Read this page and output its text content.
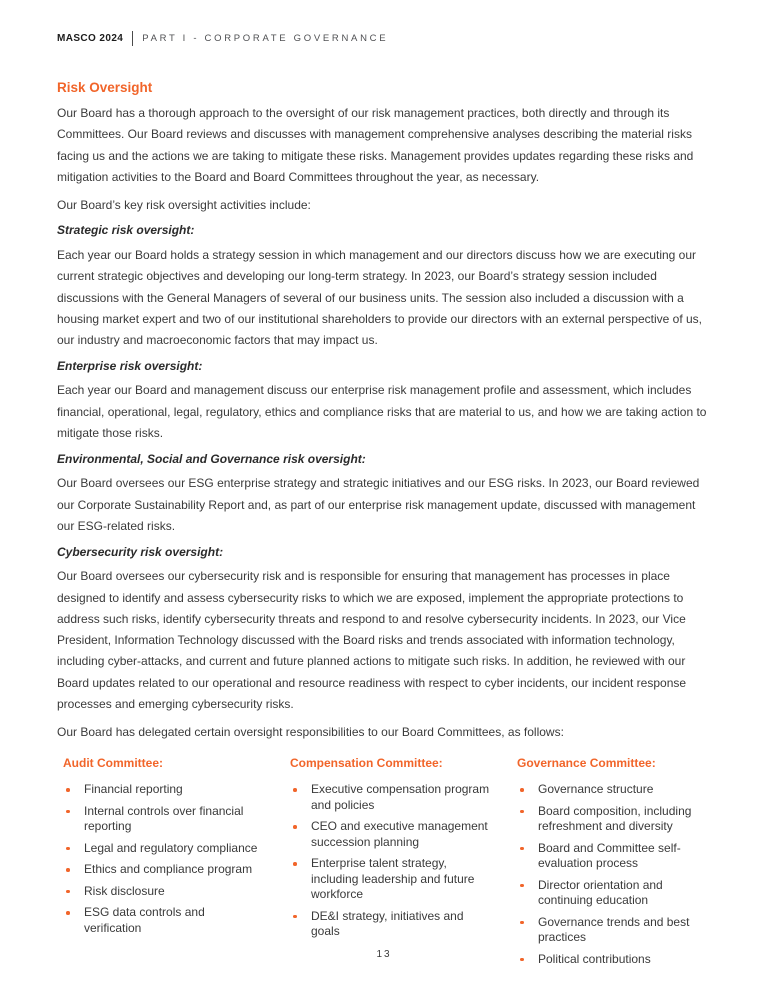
MASCO 2024 PART I - CORPORATE GOVERNANCE
Risk Oversight

Our Board has a thorough approach to the oversight of our risk management practices, both directly and through its Committees. Our Board reviews and discusses with management comprehensive analyses describing the material risks facing us and the actions we are taking to mitigate these risks. Management provides updates regarding these risks and mitigation activities to the Board and Board Committees throughout the year, as necessary.

Our Board’s key risk oversight activities include:

Strategic risk oversight:

Each year our Board holds a strategy session in which management and our directors discuss how we are executing our current strategic objectives and developing our long-term strategy. In 2023, our Board’s strategy session included discussions with the General Managers of several of our business units. The session also included a discussion with a housing market expert and two of our institutional shareholders to provide our directors with an external perspective of us, our industry and macroeconomic factors that may impact us.

Enterprise risk oversight:

Each year our Board and management discuss our enterprise risk management profile and assessment, which includes financial, operational, legal, regulatory, ethics and compliance risks that are material to us, and how we are taking action to mitigate those risks.

Environmental, Social and Governance risk oversight:

Our Board oversees our ESG enterprise strategy and strategic initiatives and our ESG risks. In 2023, our Board reviewed our Corporate Sustainability Report and, as part of our enterprise risk management update, discussed with management our ESG-related risks.

Cybersecurity risk oversight:

Our Board oversees our cybersecurity risk and is responsible for ensuring that management has processes in place designed to identify and assess cybersecurity risks to which we are exposed, implement the appropriate protections to address such risks, identify cybersecurity threats and respond to and resolve cybersecurity incidents. In 2023, our Vice President, Information Technology discussed with the Board risks and trends associated with information technology, including cyber-attacks, and current and future planned actions to mitigate such risks. In addition, he reviewed with our Board updates related to our operational and resource readiness with respect to cyber incidents, our incident response processes and emerging cybersecurity risks.

Our Board has delegated certain oversight responsibilities to our Board Committees, as follows:

Audit Committee:
Financial reporting
Internal controls over financial reporting
Legal and regulatory compliance
Ethics and compliance program
Risk disclosure
ESG data controls and verification
Compensation Committee:
Executive compensation program and policies
CEO and executive management succession planning
Enterprise talent strategy, including leadership and future workforce
DE&I strategy, initiatives and goals
Governance Committee:
Governance structure
Board composition, including refreshment and diversity
Board and Committee self-evaluation process
Director orientation and continuing education
Governance trends and best practices
Political contributions
13
